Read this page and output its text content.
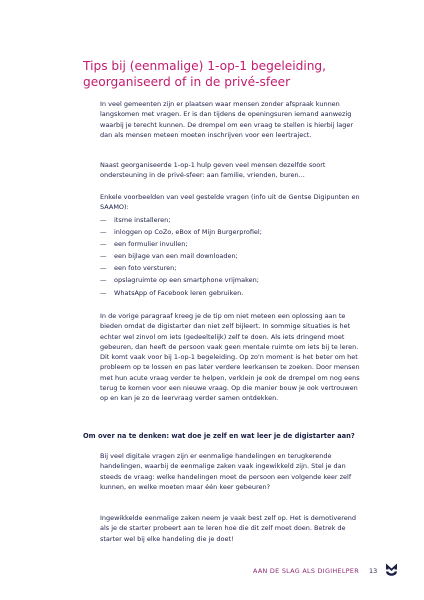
Tips bij (eenmalige) 1-op-1 begeleiding, georganiseerd of in de privé-sfeer

In veel gemeenten zijn er plaatsen waar mensen zonder afspraak kunnen langskomen met vragen. Er is dan tijdens de openingsuren iemand aanwezig waarbij je terecht kunnen. De drempel om een vraag te stellen is hierbij lager dan als mensen meteen moeten inschrijven voor een leertraject.

Naast georganiseerde 1-op-1 hulp geven veel mensen dezelfde soort ondersteuning in de privé-sfeer: aan familie, vrienden, buren...

Enkele voorbeelden van veel gestelde vragen (info uit de Gentse Digipunten en SAAMO):

—	itsme installeren;
—	inloggen op CoZo, eBox of Mijn Burgerprofiel;
—	een formulier invullen;
—	een bijlage van een mail downloaden;
—	een foto versturen;
—	opslagruimte op een smartphone vrijmaken;
—	WhatsApp of Facebook leren gebruiken.

In de vorige paragraaf kreeg je de tip om niet meteen een oplossing aan te bieden omdat de digistarter dan niet zelf bijleert. In sommige situaties is het echter wel zinvol om iets (gedeeltelijk) zelf te doen. Als iets dringend moet gebeuren, dan heeft de persoon vaak geen mentale ruimte om iets bij te leren. Dit komt vaak voor bij 1-op-1 begeleiding. Op zo'n moment is het beter om het probleem op te lossen en pas later verdere leerkansen te zoeken. Door mensen met hun acute vraag verder te helpen, verklein je ook de drempel om nog eens terug te komen voor een nieuwe vraag. Op die manier bouw je ook vertrouwen op en kan je zo de leervraag verder samen ontdekken.

Om over na te denken: wat doe je zelf en wat leer je de digistarter aan?

Bij veel digitale vragen zijn er eenmalige handelingen en terugkerende handelingen, waarbij de eenmalige zaken vaak ingewikkeld zijn. Stel je dan steeds de vraag: welke handelingen moet de persoon een volgende keer zelf kunnen, en welke moeten maar één keer gebeuren?

Ingewikkelde eenmalige zaken neem je vaak best zelf op. Het is demotiverend als je de starter probeert aan te leren hoe die dit zelf moet doen. Betrek de starter wel bij elke handeling die je doet!

AAN DE SLAG ALS DIGIHELPER 13
